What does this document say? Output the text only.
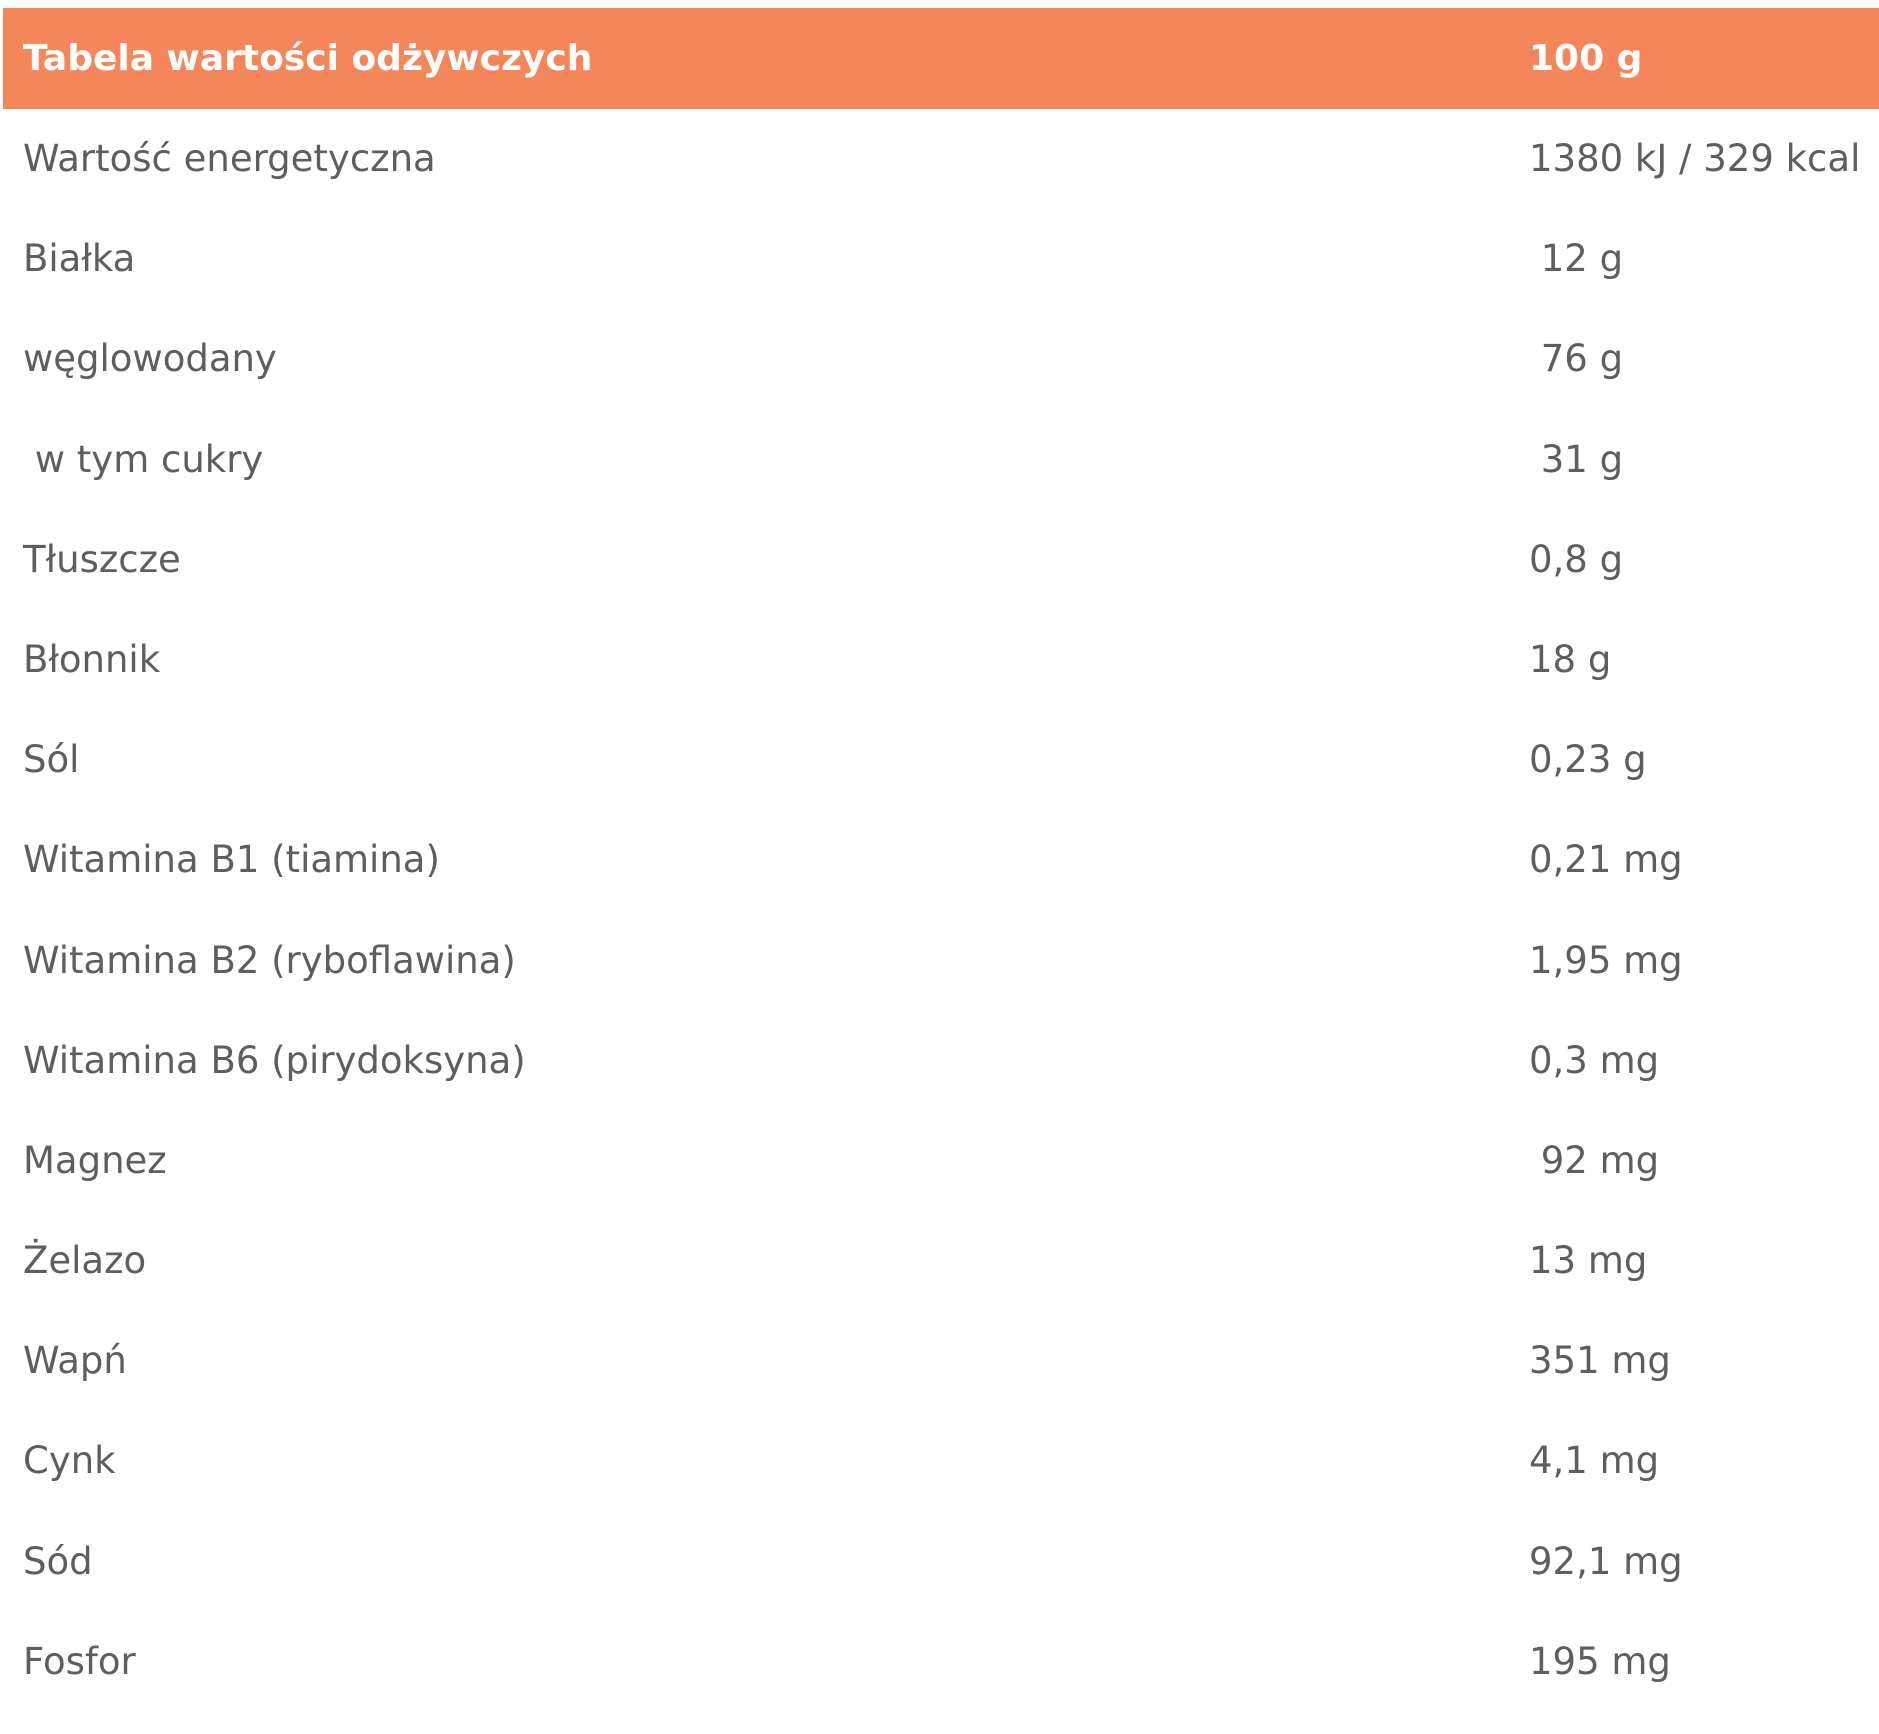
Tabela wartości odżywczych	100 g
Wartość energetyczna	1380 kJ / 329 kcal
Białka	12 g
węglowodany	76 g
w tym cukry	31 g
Tłuszcze	0,8 g
Błonnik	18 g
Sól	0,23 g
Witamina B1 (tiamina)	0,21 mg
Witamina B2 (ryboflawina)	1,95 mg
Witamina B6 (pirydoksyna)	0,3 mg
Magnez	92 mg
Żelazo	13 mg
Wapń	351 mg
Cynk	4,1 mg
Sód	92,1 mg
Fosfor	195 mg
